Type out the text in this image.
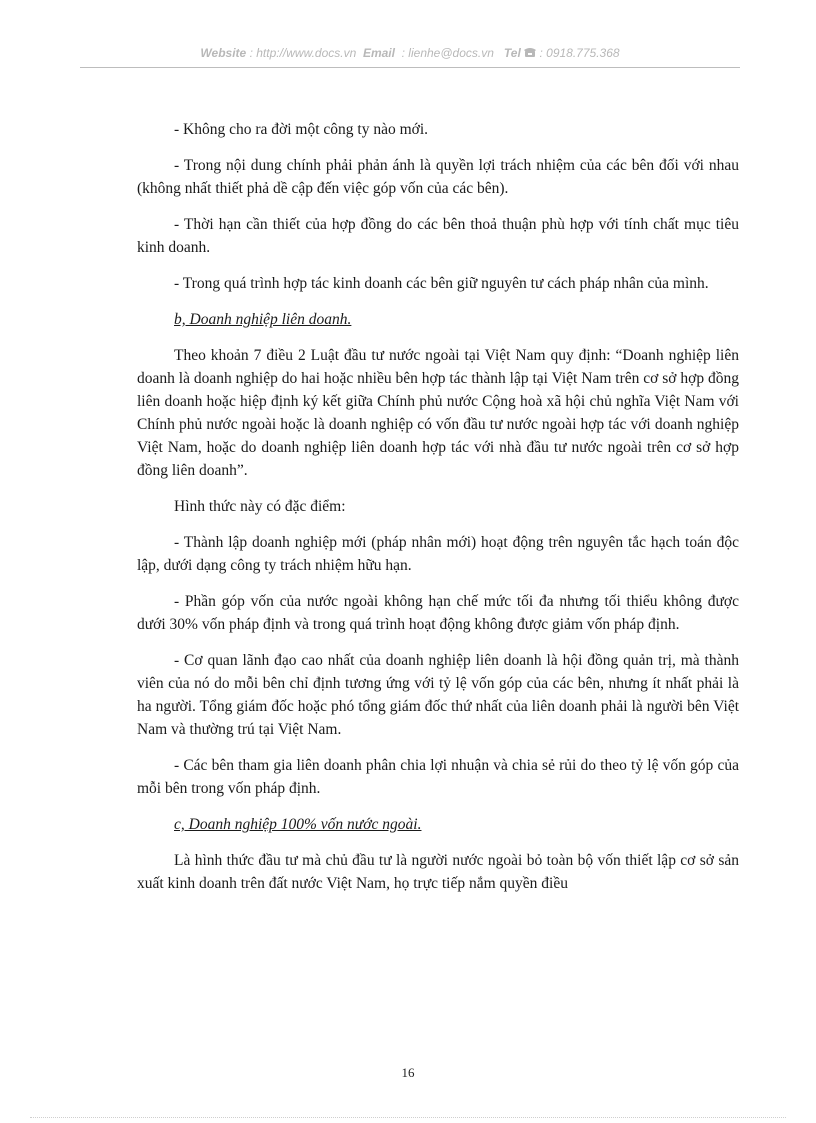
Website : http://www.docs.vn Email : lienhe@docs.vn Tel : 0918.775.368

- Không cho ra đời một công ty nào mới.

- Trong nội dung chính phải phản ánh là quyền lợi trách nhiệm của các bên đối với nhau (không nhất thiết phả dề cập đến việc góp vốn của các bên).

- Thời hạn cần thiết của hợp đồng do các bên thoả thuận phù hợp với tính chất mục tiêu kinh doanh.

- Trong quá trình hợp tác kinh doanh các bên giữ nguyên tư cách pháp nhân của mình.

b, Doanh nghiệp liên doanh.

Theo khoản 7 điều 2 Luật đầu tư nước ngoài tại Việt Nam quy định: “Doanh nghiệp liên doanh là doanh nghiệp do hai hoặc nhiều bên hợp tác thành lập tại Việt Nam trên cơ sở hợp đồng liên doanh hoặc hiệp định ký kết giữa Chính phủ nước Cộng hoà xã hội chủ nghĩa Việt Nam với Chính phủ nước ngoài hoặc là doanh nghiệp có vốn đầu tư nước ngoài hợp tác với doanh nghiệp Việt Nam, hoặc do doanh nghiệp liên doanh hợp tác với nhà đầu tư nước ngoài trên cơ sở hợp đồng liên doanh”.

Hình thức này có đặc điểm:

- Thành lập doanh nghiệp mới (pháp nhân mới) hoạt động trên nguyên tắc hạch toán độc lập, dưới dạng công ty trách nhiệm hữu hạn.

- Phần góp vốn của nước ngoài không hạn chế mức tối đa nhưng tối thiểu không được dưới 30% vốn pháp định và trong quá trình hoạt động không được giảm vốn pháp định.

- Cơ quan lãnh đạo cao nhất của doanh nghiệp liên doanh là hội đồng quản trị, mà thành viên của nó do mỗi bên chỉ định tương ứng với tỷ lệ vốn góp của các bên, nhưng ít nhất phải là ha người. Tổng giám đốc hoặc phó tổng giám đốc thứ nhất của liên doanh phải là người bên Việt Nam và thường trú tại Việt Nam.

- Các bên tham gia liên doanh phân chia lợi nhuận và chia sẻ rủi do theo tỷ lệ vốn góp của mỗi bên trong vốn pháp định.

c, Doanh nghiệp 100% vốn nước ngoài.

Là hình thức đầu tư mà chủ đầu tư là người nước ngoài bỏ toàn bộ vốn thiết lập cơ sở sản xuất kinh doanh trên đất nước Việt Nam, họ trực tiếp nắm quyền điều

16
